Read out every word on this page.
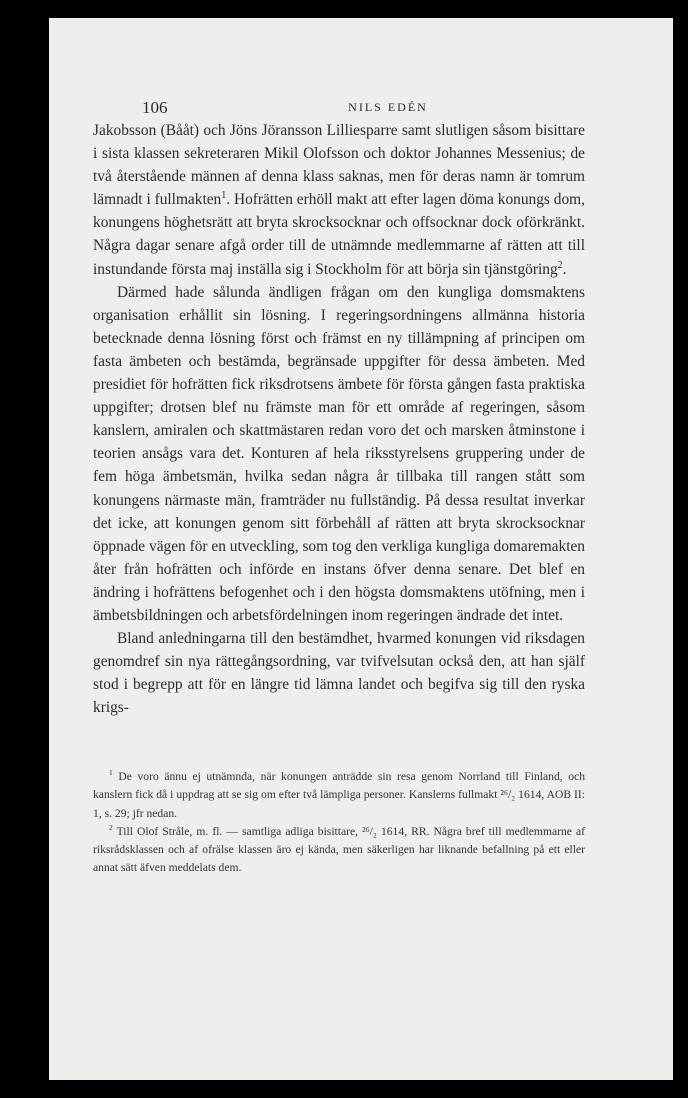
106	NILS EDÉN

Jakobsson (Bååt) och Jöns Jöransson Lilliesparre samt slutligen såsom bisittare i sista klassen sekreteraren Mikil Olofsson och doktor Johannes Messenius; de två återstående männen af denna klass saknas, men för deras namn är tomrum lämnadt i fullmakten$^1$. Hofrätten erhöll makt att efter lagen döma konungs dom, konungens höghetsrätt att bryta skrocksocknar och offsocknar dock oförkränkt. Några dagar senare afgå order till de utnämnde medlemmarne af rätten att till instundande första maj inställa sig i Stockholm för att börja sin tjänstgöring$^2$.

Därmed hade sålunda ändligen frågan om den kungliga domsmaktens organisation erhållit sin lösning. I regeringsordningens allmänna historia betecknade denna lösning först och främst en ny tillämpning af principen om fasta ämbeten och bestämda, begränsade uppgifter för dessa ämbeten. Med presidiet för hofrätten fick riksdrotsens ämbete för första gången fasta praktiska uppgifter; drotsen blef nu främste man för ett område af regeringen, såsom kanslern, amiralen och skattmästaren redan voro det och marsken åtminstone i teorien ansågs vara det. Konturen af hela riksstyrelsens gruppering under de fem höga ämbetsmän, hvilka sedan några år tillbaka till rangen stått som konungens närmaste män, framträder nu fullständig. På dessa resultat inverkar det icke, att konungen genom sitt förbehåll af rätten att bryta skrocksocknar öppnade vägen för en utveckling, som tog den verkliga kungliga domaremakten åter från hofrätten och införde en instans öfver denna senare. Det blef en ändring i hofrättens befogenhet och i den högsta domsmaktens utöfning, men i ämbetsbildningen och arbetsfördelningen inom regeringen ändrade det intet.

Bland anledningarna till den bestämdhet, hvarmed konungen vid riksdagen genomdref sin nya rättegångsordning, var tvifvelsutan också den, att han själf stod i begrepp att för en längre tid lämna landet och begifva sig till den ryska krigs-

$^1$ De voro ännu ej utnämnda, när konungen anträdde sin resa genom Norrland till Finland, och kanslern fick då i uppdrag att se sig om efter två lämpliga personer. Kanslerns fullmakt ²⁶/₂ 1614, AOB II: 1, s. 29; jfr nedan.

$^2$ Till Olof Stråle, m. fl. — samtliga adliga bisittare, ²⁶/₂ 1614, RR. Några bref till medlemmarne af riksrådsklassen och af ofrälse klassen äro ej kända, men säkerligen har liknande befallning på ett eller annat sätt äfven meddelats dem.
